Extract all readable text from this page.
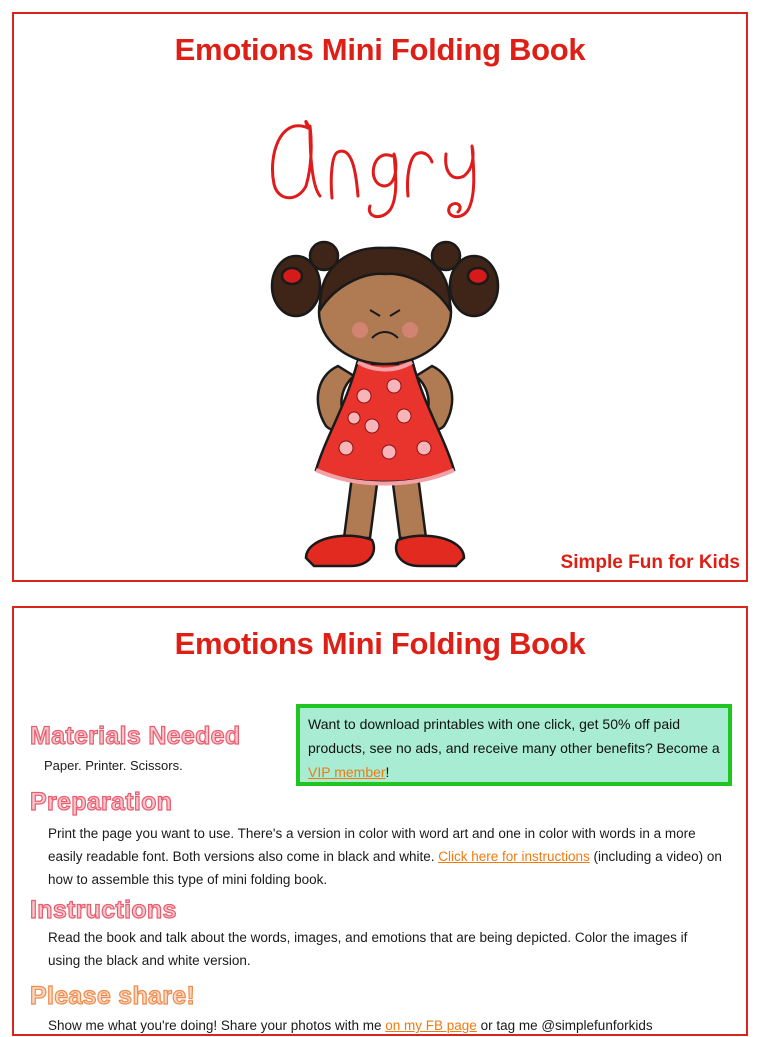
Emotions Mini Folding Book
Simple Fun for Kids
Emotions Mini Folding Book
Materials Needed
Paper. Printer. Scissors.
Want to download printables with one click, get 50% off paid products, see no ads, and receive many other benefits? Become a VIP member!
Preparation
Print the page you want to use. There's a version in color with word art and one in color with words in a more easily readable font. Both versions also come in black and white. Click here for instructions (including a video) on how to assemble this type of mini folding book.
Instructions
Read the book and talk about the words, images, and emotions that are being depicted. Color the images if using the black and white version.
Please share!
Show me what you're doing! Share your photos with me on my FB page or tag me @simplefunforkids
